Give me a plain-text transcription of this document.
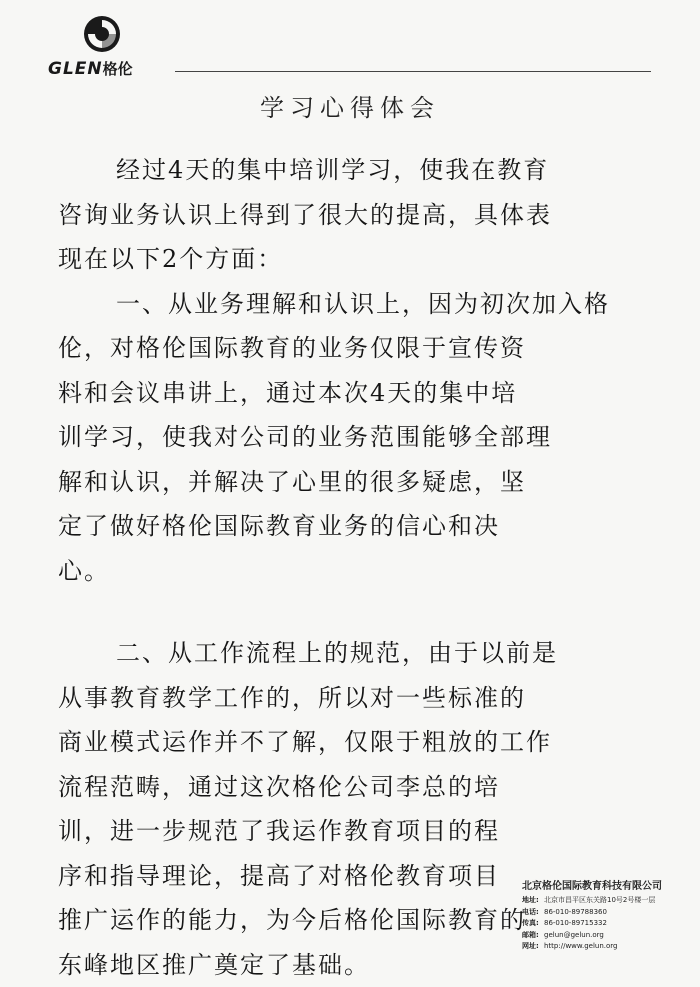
GLEN格伦
学习心得体会
经过4天的集中培训学习，使我在教育
咨询业务认识上得到了很大的提高，具体表
现在以下2个方面：
一、从业务理解和认识上，因为初次加入格
伦，对格伦国际教育的业务仅限于宣传资
料和会议串讲上，通过本次4天的集中培
训学习，使我对公司的业务范围能够全部理
解和认识，并解决了心里的很多疑虑，坚
定了做好格伦国际教育业务的信心和决
心。
二、从工作流程上的规范，由于以前是
从事教育教学工作的，所以对一些标准的
商业模式运作并不了解，仅限于粗放的工作
流程范畴，通过这次格伦公司李总的培
训，进一步规范了我运作教育项目的程
序和指导理论，提高了对格伦教育项目
推广运作的能力，为今后格伦国际教育的
东峰地区推广奠定了基础。
北京格伦国际教育科技有限公司
地址: 北京市昌平区东关路10号2号楼一层
电话: 86-010-89788360
传真: 86-010-89715332
邮箱: gelun@gelun.org
网址: http://www.gelun.org
